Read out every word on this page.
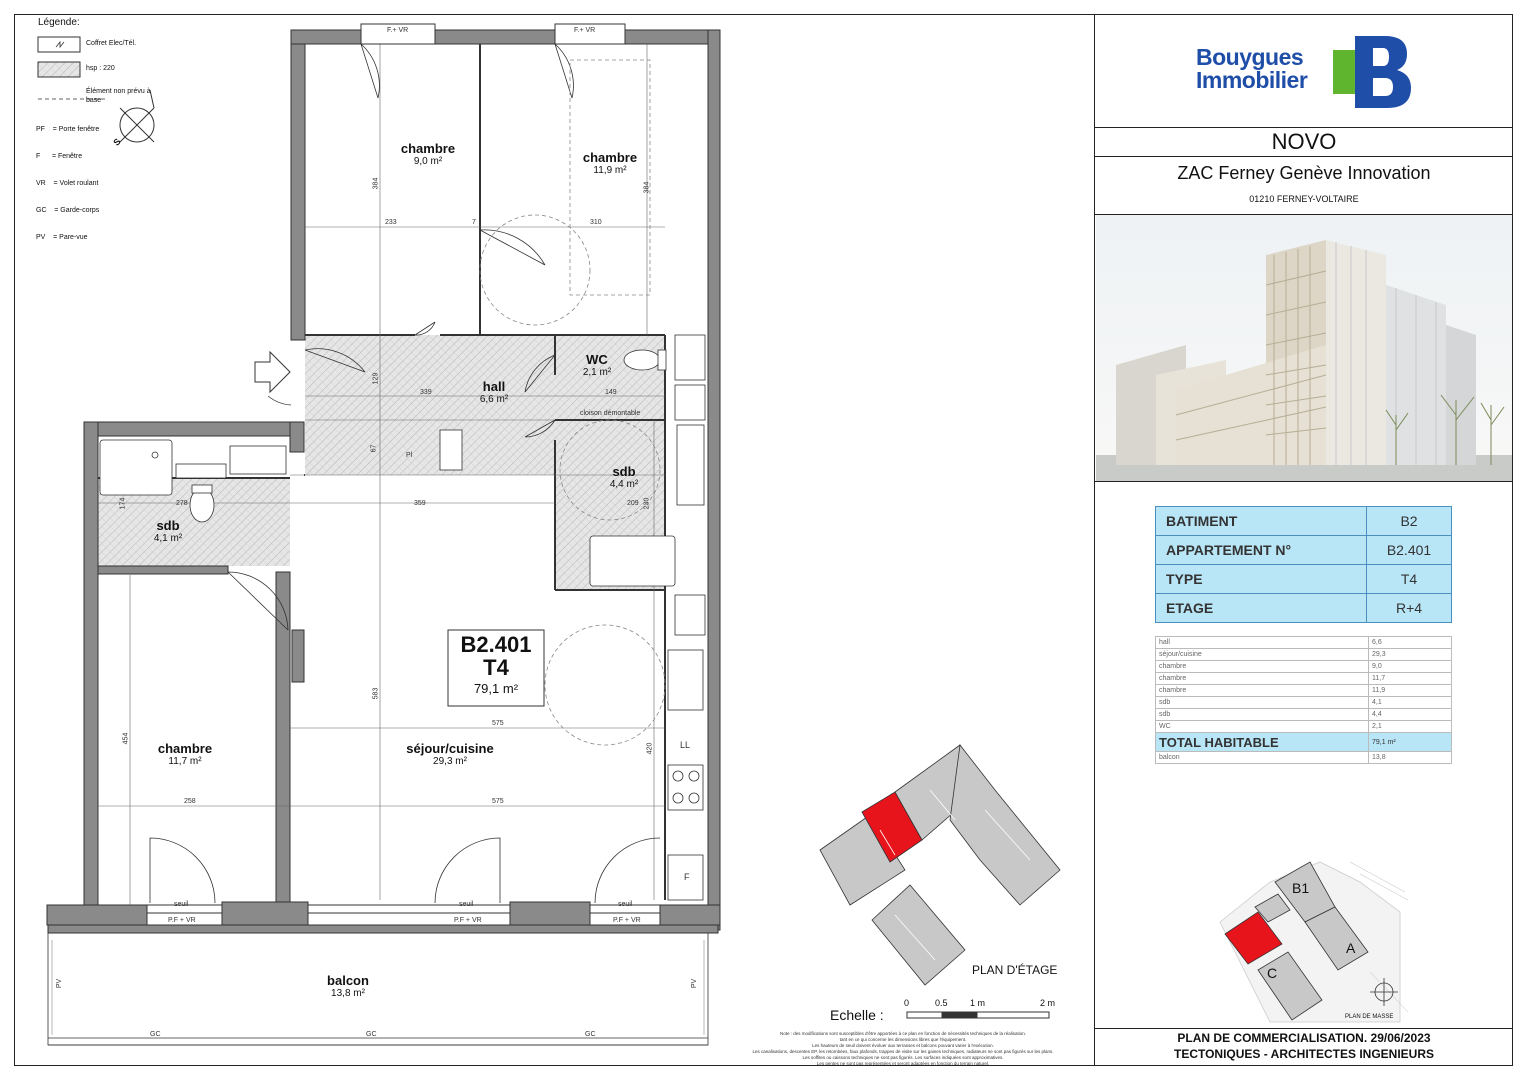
Légende:
Coffret Elec/Tél.
hsp : 220
Élément non prévu à base

PF    = Porte fenêtre

F      = Fenêtre

VR    = Volet roulant

GC    = Garde-corps

PV    = Pare-vue

S	chambre
9,0 m²	chambre
11,9 m²
hall
6,6 m²
WC
2,1 m²
sdb
4,4 m²
sdb
4,1 m²
chambre
11,7 m²
séjour/cuisine
29,3 m²
balcon
13,8 m²
B2.401
T4
79,1 m²
384
233	7	310
384
129
339	149
67
359	209 230
278
174
575
583
454
258	575
420
F.+ VR	F.+ VR
cloison démontable
Pl
LL
F
seuil	seuil	seuil
P.F + VR	P.F + VR	P.F + VR
PV	PV
GC	GC	GC
PLAN D'ÉTAGE
Echelle :
0	0.5 1 m	2 m
Note : des modifications sont susceptibles d'être apportées à ce plan en fonction de nécessités techniques de la réalisation.
tant en ce qui concerne les dimensions libres que l'équipement.
Les hauteurs de seuil doivent évoluer aux terrasses et balcons pouvant varier à l'exécution.
Les canalisations, descentes EP, les retombées, faux plafonds, trappes de visite sur les gaines techniques, radiateurs ne sont pas figurés sur les plans.
Les soffites ou caissons techniques ne sont pas figurés. Les surfaces indiquées sont approximatives.
Les pentes ne sont pas représentées et seront adaptées en fonction du terrain naturel.
Bouygues
Immobilier
NOVO
ZAC Ferney Genève Innovation
01210 FERNEY-VOLTAIRE
BATIMENT	B2
APPARTEMENT N°	B2.401
TYPE	T4
ETAGE	R+4
hall	6,6
séjour/cuisine	29,3
chambre	9,0
chambre	11,7
chambre	11,9
sdb	4,1
sdb	4,4
WC	2,1
TOTAL HABITABLE	79,1 m²
balcon	13,8
B1
A
C
PLAN DE MASSE
PLAN DE COMMERCIALISATION. 29/06/2023
TECTONIQUES - ARCHITECTES INGENIEURS
